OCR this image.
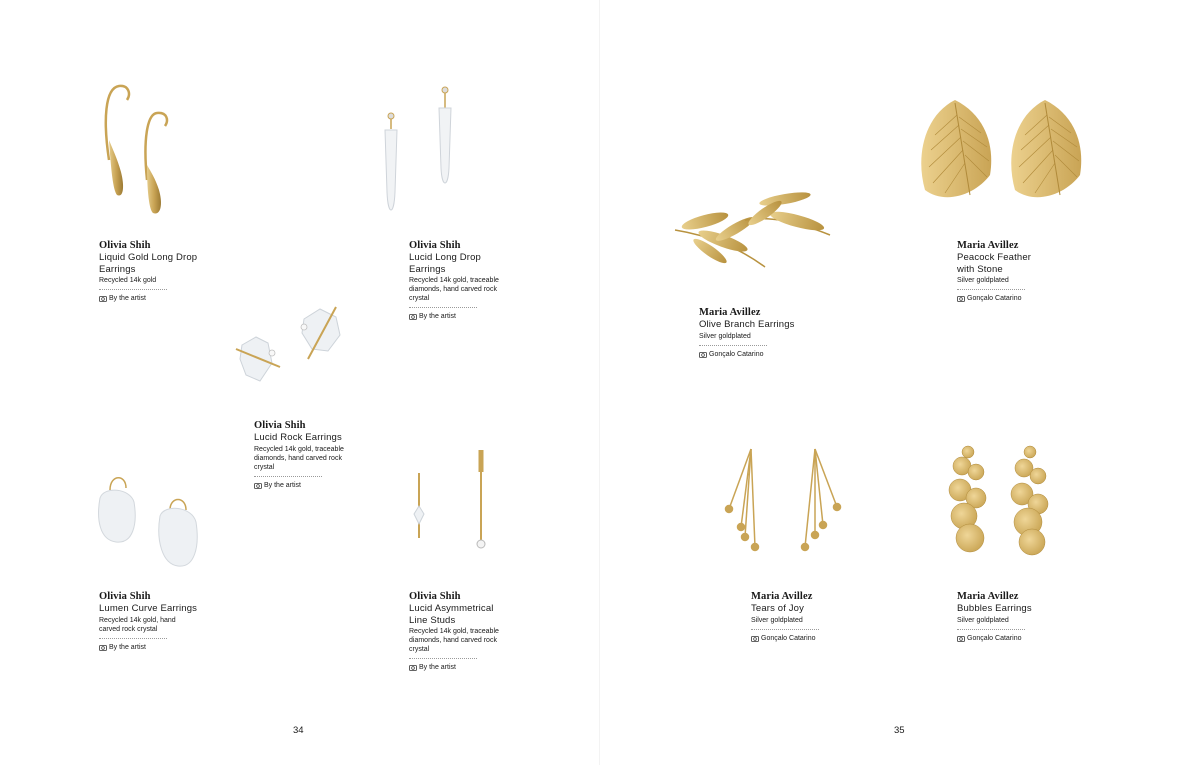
Olivia Shih
Liquid Gold Long Drop Earrings
Recycled 14k gold
By the artist
Olivia Shih
Lucid Long Drop Earrings
Recycled 14k gold, traceable diamonds, hand carved rock crystal
By the artist	Maria Avillez
Olive Branch Earrings
Silver goldplated
Gonçalo Catarino
Maria Avillez
Peacock Feather with Stone
Silver goldplated
Gonçalo Catarino
Olivia Shih
Lucid Rock Earrings
Recycled 14k gold, traceable diamonds, hand carved rock crystal
By the artist
Olivia Shih
Lumen Curve Earrings
Recycled 14k gold, hand carved rock crystal
By the artist
Olivia Shih
Lucid Asymmetrical Line Studs
Recycled 14k gold, traceable diamonds, hand carved rock crystal
By the artist
Maria Avillez
Tears of Joy
Silver goldplated
Gonçalo Catarino
Maria Avillez
Bubbles Earrings
Silver goldplated
Gonçalo Catarino
34	35
